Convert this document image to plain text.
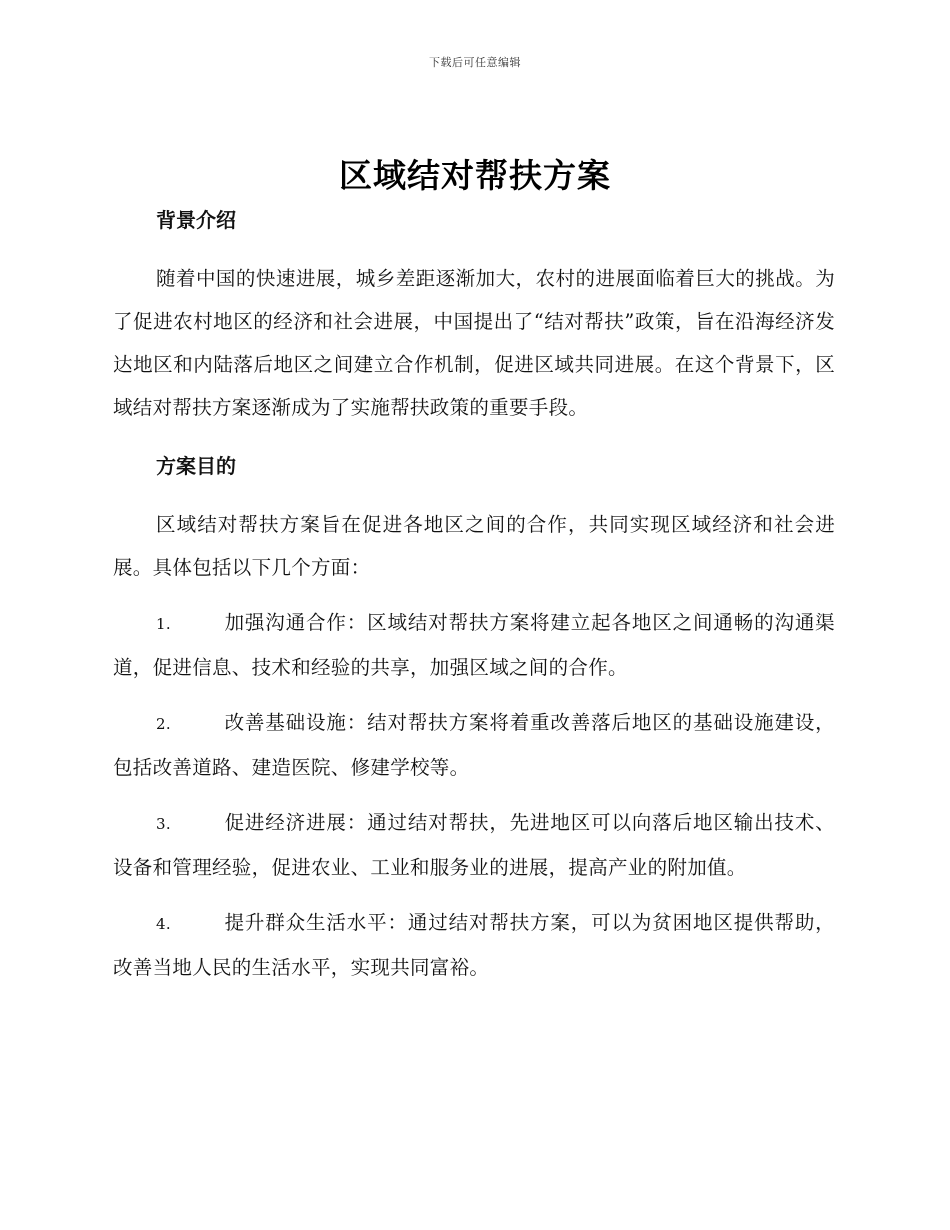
下载后可任意编辑
区域结对帮扶方案
背景介绍

随着中国的快速进展，城乡差距逐渐加大，农村的进展面临着巨大的挑战。为了促进农村地区的经济和社会进展，中国提出了“结对帮扶”政策，旨在沿海经济发达地区和内陆落后地区之间建立合作机制，促进区域共同进展。在这个背景下，区域结对帮扶方案逐渐成为了实施帮扶政策的重要手段。

方案目的

区域结对帮扶方案旨在促进各地区之间的合作，共同实现区域经济和社会进展。具体包括以下几个方面：

1.	加强沟通合作：区域结对帮扶方案将建立起各地区之间通畅的沟通渠道，促进信息、技术和经验的共享，加强区域之间的合作。

2.	改善基础设施：结对帮扶方案将着重改善落后地区的基础设施建设，包括改善道路、建造医院、修建学校等。

3.	促进经济进展：通过结对帮扶，先进地区可以向落后地区输出技术、设备和管理经验，促进农业、工业和服务业的进展，提高产业的附加值。

4.	提升群众生活水平：通过结对帮扶方案，可以为贫困地区提供帮助，改善当地人民的生活水平，实现共同富裕。
